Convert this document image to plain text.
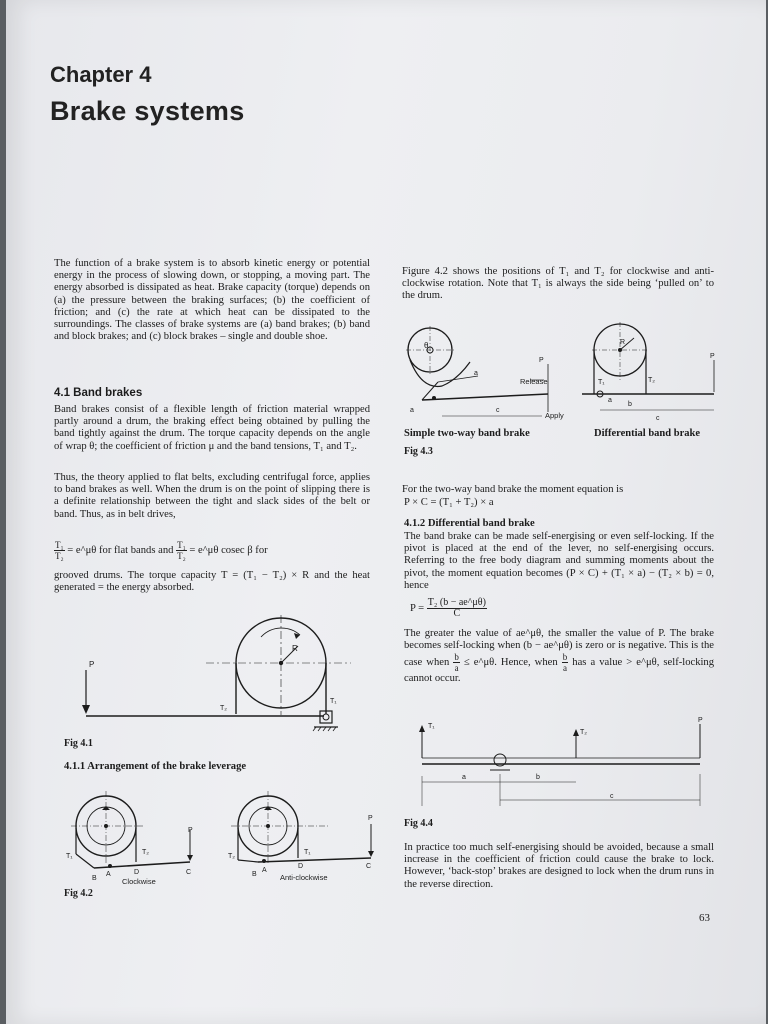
Chapter 4
Brake systems
The function of a brake system is to absorb kinetic energy or potential energy in the process of slowing down, or stopping, a moving part. The energy absorbed is dissipated as heat. Brake capacity (torque) depends on (a) the pressure between the braking surfaces; (b) the coefficient of friction; and (c) the rate at which heat can be dissipated to the surroundings. The classes of brake systems are (a) band brakes; (b) band and block brakes; and (c) block brakes – single and double shoe.
4.1 Band brakes
Band brakes consist of a flexible length of friction material wrapped partly around a drum, the braking effect being obtained by pulling the band tightly against the drum. The torque capacity depends on the angle of wrap θ; the coefficient of friction μ and the band tensions, T₁ and T₂.
Thus, the theory applied to flat belts, excluding centrifugal force, applies to band brakes as well. When the drum is on the point of slipping there is a definite relationship between the tight and slack sides of the belt or band. Thus, as in belt drives,
$\frac{\text{T₁}}{\text{T₂}}$ = e^μθ for flat bands and $\frac{\text{T₁}}{\text{T₂}}$ = e^μθ cosec β for
grooved drums. The torque capacity T = (T₁ − T₂) × R and the heat generated = the energy absorbed.
P
R
T₂
T₁
Fig 4.1
4.1.1 Arrangement of the brake leverage
T₁
T₂
A
B
D	C
P
Clockwise
T₂
T₁
A
B
D	C
P
Anti-clockwise
Fig 4.2
Figure 4.2 shows the positions of T₁ and T₂ for clockwise and anti-clockwise rotation. Note that T₁ is always the side being ‘pulled on’ to the drum.
θ
a
a
P
c
Release
Apply
R
P
T₁	T₂
a
b
c
Simple two-way band brake	Differential band brake
Fig 4.3
For the two-way band brake the moment equation is
P × C = (T₁ + T₂) × a
4.1.2 Differential band brake
The band brake can be made self-energising or even self-locking. If the pivot is placed at the end of the lever, no self-energising occurs. Referring to the free body diagram and summing moments about the pivot, the moment equation becomes (P × C) + (T₁ × a) − (T₂ × b) = 0, hence
$P = \frac{\text{T₂ (b − ae\textasciicircum{}μθ)}}{C}$
The greater the value of ae^μθ, the smaller the value of P. The brake becomes self-locking when (b − ae^μθ) is zero or is negative. This is the case when $\frac{b}{a}$ ≤ e^μθ. Hence, when $\frac{b}{a}$ has a value > e^μθ, self-locking cannot occur.
T₁
T₂
P
a	b
c
Fig 4.4
In practice too much self-energising should be avoided, because a small increase in the coefficient of friction could cause the brake to lock. However, ‘back-stop’ brakes are designed to lock when the drum runs in the reverse direction.
63
